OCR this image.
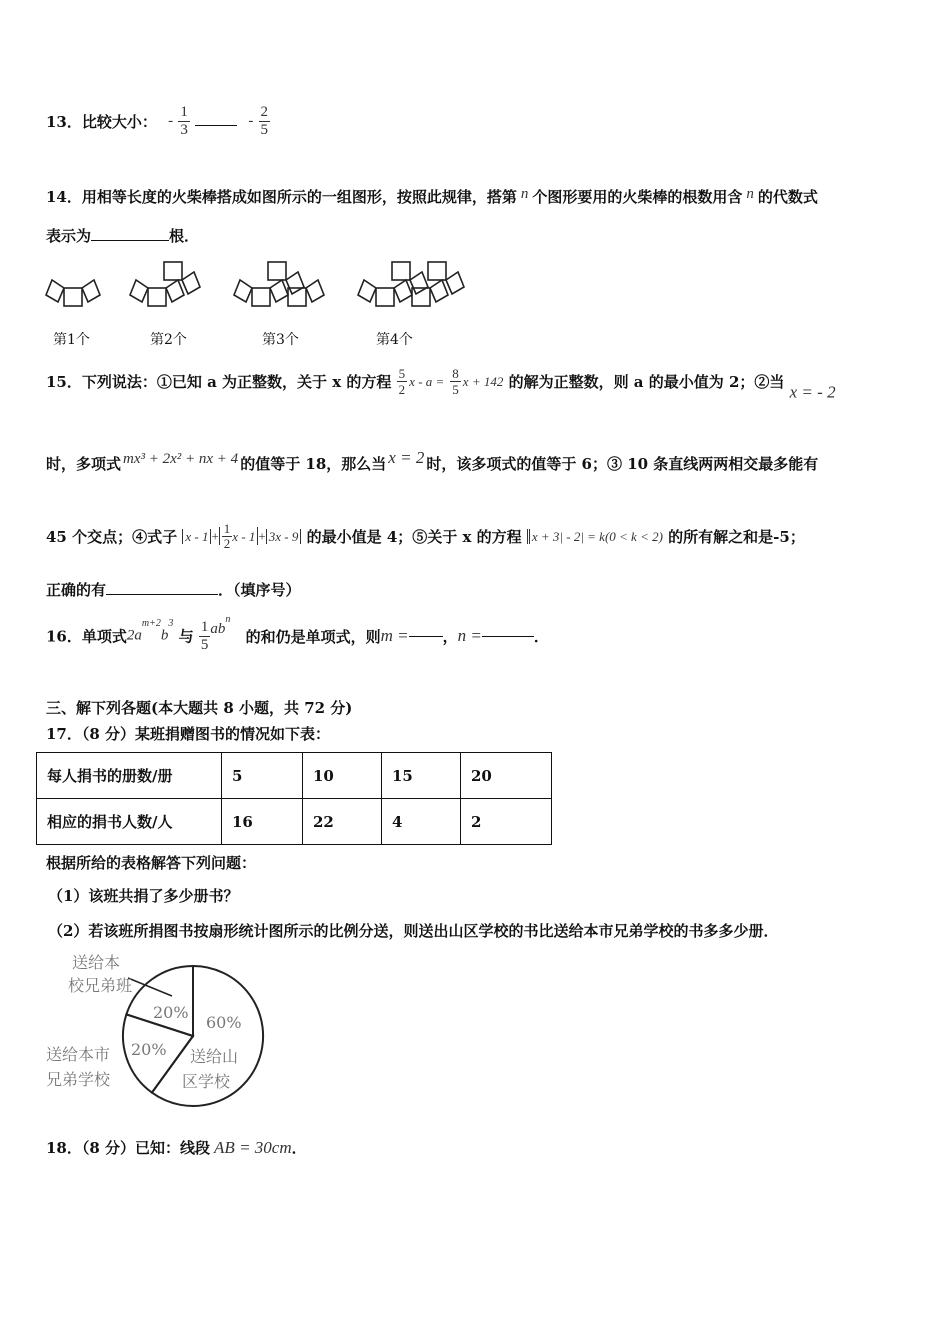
13．比较大小： - $\frac{1}{3}$	- $\frac{2}{5}$
14．用相等长度的火柴棒搭成如图所示的一组图形，按照此规律，搭第 n 个图形要用的火柴棒的根数用含 n 的代数式
表示为	根．
第1个	第2个	第3个	第4个
15．下列说法：①已知 a 为正整数，关于 x 的方程 $\frac{5}{2}$ $x - a = \frac{8}{5}$ x + 142 的解为正整数，则 a 的最小值为 2；②当 x = - 2
时，多项式 mx³ + 2x² + nx + 4 的值等于 18，那么当 x = 2 时，该多项式的值等于 6；③ 10 条直线两两相交最多能有
45 个交点；④式子 $x - 1 + \frac{1}{2}$ x - 1 + 3x - 9 的最小值是 4；⑤关于 x 的方程 x + 3| - 2| = k(0 < k < 2) 的所有解之和是-5；
正确的有	．（填序号）
16．单项式$2a^{m+2}b^3$ 与 $\frac{1}{5} ab^n$ 的和仍是单项式，则m = ，n =	．
三、解下列各题(本大题共 8 小题，共 72 分)
17．（8 分）某班捐赠图书的情况如下表：
每人捐书的册数/册	5	10	15	20
相应的捐书人数/人	16	22	4	2
根据所给的表格解答下列问题：
（1）该班共捐了多少册书？
（2）若该班所捐图书按扇形统计图所示的比例分送，则送出山区学校的书比送给本市兄弟学校的书多多少册．
送给本
校兄弟班
20%
送给本市
兄弟学校
20%
60%
送给山
区学校
18．（8 分）已知：线段 AB = 30cm．
